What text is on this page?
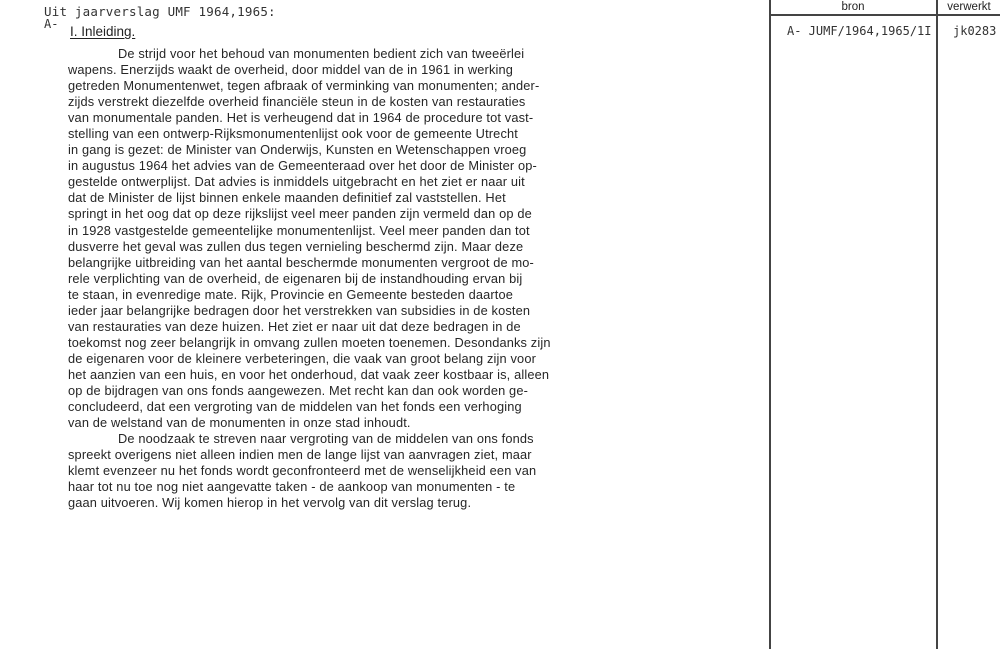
Uit jaarverslag UMF 1964,1965:
A- I. Inleiding.
De strijd voor het behoud van monumenten bedient zich van tweeërlei
wapens. Enerzijds waakt de overheid, door middel van de in 1961 in werking
getreden Monumentenwet, tegen afbraak of verminking van monumenten; ander-
zijds verstrekt diezelfde overheid financiële steun in de kosten van restauraties
van monumentale panden. Het is verheugend dat in 1964 de procedure tot vast-
stelling van een ontwerp-Rijksmonumentenlijst ook voor de gemeente Utrecht
in gang is gezet: de Minister van Onderwijs, Kunsten en Wetenschappen vroeg
in augustus 1964 het advies van de Gemeenteraad over het door de Minister op-
gestelde ontwerplijst. Dat advies is inmiddels uitgebracht en het ziet er naar uit
dat de Minister de lijst binnen enkele maanden definitief zal vaststellen. Het
springt in het oog dat op deze rijkslijst veel meer panden zijn vermeld dan op de
in 1928 vastgestelde gemeentelijke monumentenlijst. Veel meer panden dan tot
dusverre het geval was zullen dus tegen vernieling beschermd zijn. Maar deze
belangrijke uitbreiding van het aantal beschermde monumenten vergroot de mo-
rele verplichting van de overheid, de eigenaren bij de instandhouding ervan bij
te staan, in evenredige mate. Rijk, Provincie en Gemeente besteden daartoe
ieder jaar belangrijke bedragen door het verstrekken van subsidies in de kosten
van restauraties van deze huizen. Het ziet er naar uit dat deze bedragen in de
toekomst nog zeer belangrijk in omvang zullen moeten toenemen. Desondanks zijn
de eigenaren voor de kleinere verbeteringen, die vaak van groot belang zijn voor
het aanzien van een huis, en voor het onderhoud, dat vaak zeer kostbaar is, alleen
op de bijdragen van ons fonds aangewezen. Met recht kan dan ook worden ge-
concludeerd, dat een vergroting van de middelen van het fonds een verhoging
van de welstand van de monumenten in onze stad inhoudt.
De noodzaak te streven naar vergroting van de middelen van ons fonds
spreekt overigens niet alleen indien men de lange lijst van aanvragen ziet, maar
klemt evenzeer nu het fonds wordt geconfronteerd met de wenselijkheid een van
haar tot nu toe nog niet aangevatte taken - de aankoop van monumenten - te
gaan uitvoeren. Wij komen hierop in het vervolg van dit verslag terug.
bron	verwerkt
A- JUMF/1964,1965/1I jk0283
